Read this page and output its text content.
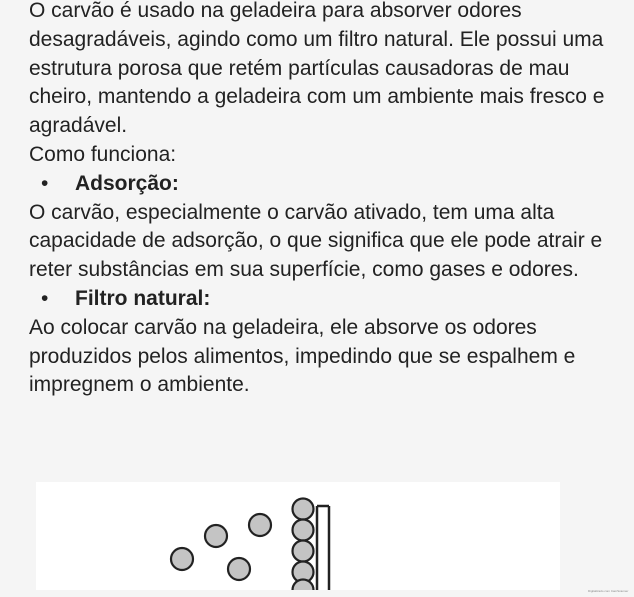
O carvão é usado na geladeira para absorver odores desagradáveis, agindo como um filtro natural. Ele possui uma estrutura porosa que retém partículas causadoras de mau cheiro, mantendo a geladeira com um ambiente mais fresco e agradável.

Como funciona:

• Adsorção:

O carvão, especialmente o carvão ativado, tem uma alta capacidade de adsorção, o que significa que ele pode atrair e reter substâncias em sua superfície, como gases e odores.

• Filtro natural:

Ao colocar carvão na geladeira, ele absorve os odores produzidos pelos alimentos, impedindo que se espalhem e impregnem o ambiente.

Digitalizado com CamScanner
